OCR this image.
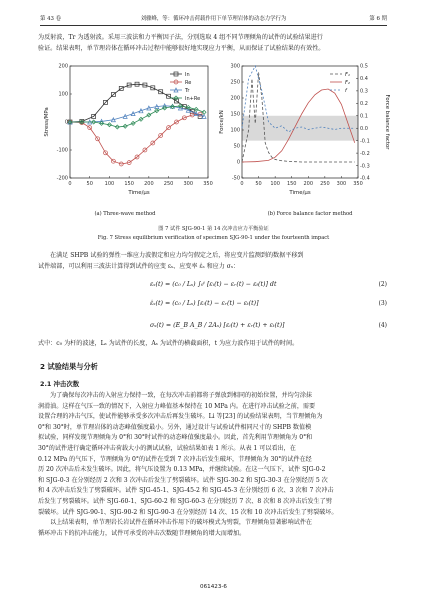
第 43 卷	刘骤峰，等：循环冲击荷载作用下单节理岩体的动态力学行为	第 6 期
为反射波，Tr 为透射波。采用三波法和力平衡因子法，分别选取 4 组不同节理倾角的试件的试验结果进行
验证。结果表明，单节理岩体在循环冲击过程中能够很好地实现应力平衡，从而保证了试验结果的有效性。
0	50 100 150 200 250 300 350
-200
-100
0
100
200
Time/μs
Stress/MPa
In
Re
Tr
In+Re
0 50 100 150 200 250 300 350
-50
0
50
100
150
200
250
300
-0.4
-0.3
-0.2
-0.1
0.0
0.1
0.2
0.3
0.4
0.5
Time/μs
Force/kN	Force balance factor
F₁
F₂
f
(a) Three-wave method	(b) Force balance factor method
图 7 试件 SJG-90-1 第 14 次冲击应力平衡验证
Fig. 7 Stress equilibrium verification of specimen SJG-90-1 under the fourteenth impact
在满足 SHPB 试验的弹性一维应力波假定和应力均匀假定之后，将应变片监测到的数据平移到
试件端部，可以利用三波法计算得到试件的应变 εₛ、应变率 ε̇ₛ 和应力 σₛ：
εₛ(t) = (c₀ / Lₛ) ∫₀ᵗ [εᵢ(t) − εᵣ(t) − εₜ(t)] dt	(2)
ε̇ₛ(t) = (c₀ / Lₛ) [εᵢ(t) − εᵣ(t) − εₜ(t)]	(3)
σₛ(t) = (E_B A_B / 2Aₛ) [εᵢ(t) + εᵣ(t) + εₜ(t)]	(4)
式中：c₀ 为杆的波速，Lₛ 为试件的长度，Aₛ 为试件的横截面积，t 为应力波作用于试件的时间。
2 试验结果与分析
2.1 冲击次数
为了确保每次冲击的入射应力保持一致，在每次冲击前都将子弹放到相同的初始位置，并均匀涂抹
润滑油。这样在气压一致的情况下，入射应力峰值基本保持在 10 MPa 内。在进行冲击试验之前，需要
设置合理的冲击气压，使试件能够承受多次冲击后再发生破坏。Li 等[23] 的试验结果表明，当节理倾角为
0°和 30°时，单节理岩体的动态峰值强度最小。另外，通过设计与试验试件相同尺寸的 SHPB 数值模
拟试验，同样发现节理倾角为 0°和 30°时试件的动态峰值强度最小。因此，首先利用节理倾角为 0°和
30°的试件进行确定循环冲击荷载大小的测试试验，试验结果如表 1 所示。从表 1 可以看出，在
0.12 MPa 的气压下，节理倾角为 0°的试件在受到 7 次冲击后发生破坏，节理倾角为 30°的试件在经
历 20 次冲击后未发生破坏。因此，将气压设置为 0.13 MPa，并继续试验。在这一气压下，试件 SJG-0-2
和 SJG-0-3 在分别经历 2 次和 3 次冲击后发生了劈裂破坏。试件 SJG-30-2 和 SJG-30-3 在分别经历 5 次
和 4 次冲击后发生了劈裂破坏。试件 SJG-45-1、SJG-45-2 和 SJG-45-3 在分别经历 6 次、3 次和 7 次冲击
后发生了劈裂破坏。试件 SJG-60-1、SJG-60-2 和 SJG-60-3 在分别经历 7 次、8 次和 8 次冲击后发生了劈
裂破坏。试件 SJG-90-1、SJG-90-2 和 SJG-90-3 在分别经历 14 次、15 次和 10 次冲击后发生了劈裂破坏。
以上结果表明，单节理岩长岩试件在循环冲击作用下的破坏模式为劈裂，节理倾角显著影响试件在
循环冲击下的抗冲击能力，试件可承受的冲击次数随节理倾角的增大而增加。
061423-6
